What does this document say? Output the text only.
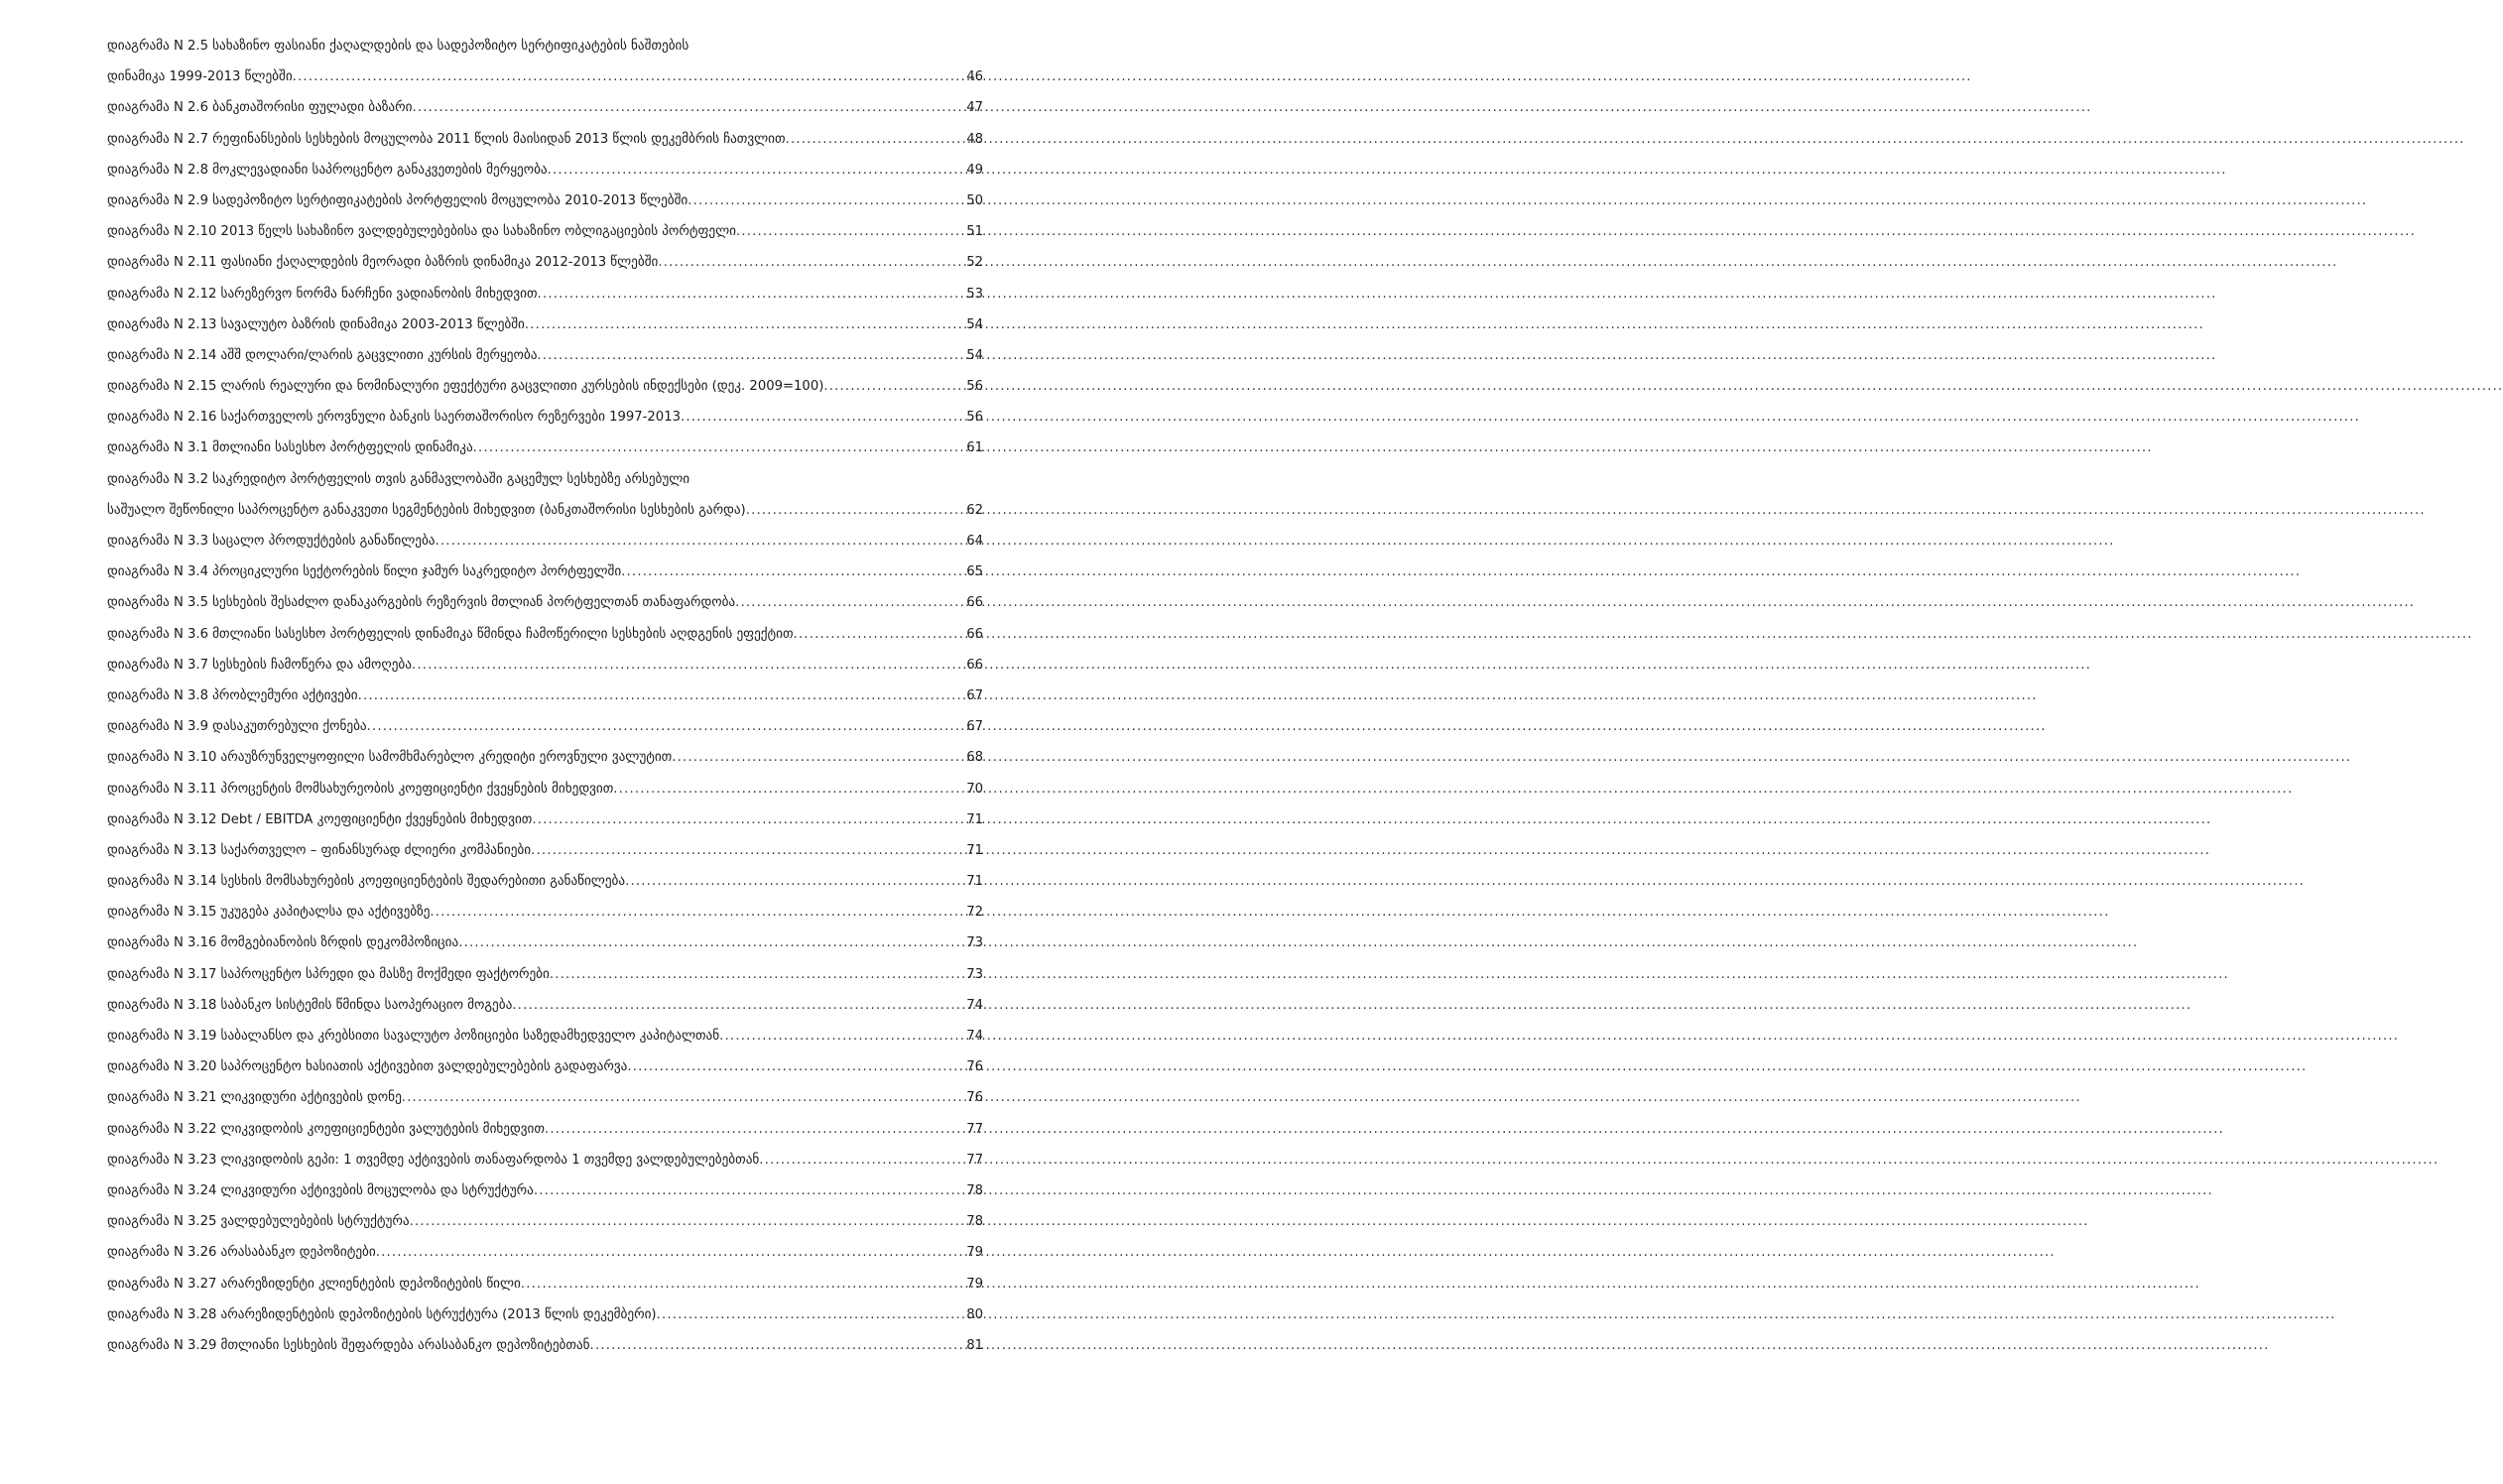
დიაგრამა N 2.5 სახაზინო ფასიანი ქაღალდების და სადეპოზიტო სერტიფიკატების ნაშთების
დინამიკა 1999-2013 წლებში .....	46
დიაგრამა N 2.6 ბანკთაშორისი ფულადი ბაზარი .....	47
დიაგრამა N 2.7 რეფინანსების სესხების მოცულობა 2011 წლის მაისიდან 2013 წლის დეკემბრის ჩათვლით .....	48
დიაგრამა N 2.8 მოკლევადიანი საპროცენტო განაკვეთების მერყეობა .....	49
დიაგრამა N 2.9 სადეპოზიტო სერტიფიკატების პორტფელის მოცულობა 2010-2013 წლებში .....	50
დიაგრამა N 2.10 2013 წელს სახაზინო ვალდებულებებისა და სახაზინო ობლიგაციების პორტფელი .....	51
დიაგრამა N 2.11 ფასიანი ქაღალდების მეორადი ბაზრის დინამიკა 2012-2013 წლებში .....	52
დიაგრამა N 2.12 სარეზერვო ნორმა ნარჩენი ვადიანობის მიხედვით .....	53
დიაგრამა N 2.13 სავალუტო ბაზრის დინამიკა 2003-2013 წლებში .....	54
დიაგრამა N 2.14 აშშ დოლარი/ლარის გაცვლითი კურსის მერყეობა .....	54
დიაგრამა N 2.15 ლარის რეალური და ნომინალური ეფექტური გაცვლითი კურსების ინდექსები (დეკ. 2009=100) .....	56
დიაგრამა N 2.16 საქართველოს ეროვნული ბანკის საერთაშორისო რეზერვები 1997-2013 .....	56
დიაგრამა N 3.1 მთლიანი სასესხო პორტფელის დინამიკა .....	61
დიაგრამა N 3.2 საკრედიტო პორტფელის თვის განმავლობაში გაცემულ სესხებზე არსებული
საშუალო შეწონილი საპროცენტო განაკვეთი სეგმენტების მიხედვით (ბანკთაშორისი სესხების გარდა) .....	62
დიაგრამა N 3.3 საცალო პროდუქტების განაწილება .....	64
დიაგრამა N 3.4 პროციკლური სექტორების წილი ჯამურ საკრედიტო პორტფელში .....	65
დიაგრამა N 3.5 სესხების შესაძლო დანაკარგების რეზერვის მთლიან პორტფელთან თანაფარდობა .....	66
დიაგრამა N 3.6 მთლიანი სასესხო პორტფელის დინამიკა წმინდა ჩამოწერილი სესხების აღდგენის ეფექტით .....	66
დიაგრამა N 3.7 სესხების ჩამოწერა და ამოღება .....	66
დიაგრამა N 3.8 პრობლემური აქტივები .....	67
დიაგრამა N 3.9 დასაკუთრებული ქონება .....	67
დიაგრამა N 3.10 არაუზრუნველყოფილი სამომხმარებლო კრედიტი ეროვნული ვალუტით .....	68
დიაგრამა N 3.11 პროცენტის მომსახურეობის კოეფიციენტი ქვეყნების მიხედვით .....	70
დიაგრამა N 3.12 Debt / EBITDA კოეფიციენტი ქვეყნების მიხედვით .....	71
დიაგრამა N 3.13 საქართველო – ფინანსურად ძლიერი კომპანიები .....	71
დიაგრამა N 3.14 სესხის მომსახურების კოეფიციენტების შედარებითი განაწილება .....	71
დიაგრამა N 3.15 უკუგება კაპიტალსა და აქტივებზე .....	72
დიაგრამა N 3.16 მომგებიანობის ზრდის დეკომპოზიცია .....	73
დიაგრამა N 3.17 საპროცენტო სპრედი და მასზე მოქმედი ფაქტორები .....	73
დიაგრამა N 3.18 საბანკო სისტემის წმინდა საოპერაციო მოგება .....	74
დიაგრამა N 3.19 საბალანსო და კრებსითი სავალუტო პოზიციები საზედამხედველო კაპიტალთან .....	74
დიაგრამა N 3.20 საპროცენტო ხასიათის აქტივებით ვალდებულებების გადაფარვა .....	76
დიაგრამა N 3.21 ლიკვიდური აქტივების დონე .....	76
დიაგრამა N 3.22 ლიკვიდობის კოეფიციენტები ვალუტების მიხედვით .....	77
დიაგრამა N 3.23 ლიკვიდობის გეპი: 1 თვემდე აქტივების თანაფარდობა 1 თვემდე ვალდებულებებთან .....	77
დიაგრამა N 3.24 ლიკვიდური აქტივების მოცულობა და სტრუქტურა .....	78
დიაგრამა N 3.25 ვალდებულებების სტრუქტურა .....	78
დიაგრამა N 3.26 არასაბანკო დეპოზიტები .....	79
დიაგრამა N 3.27 არარეზიდენტი კლიენტების დეპოზიტების წილი .....	79
დიაგრამა N 3.28 არარეზიდენტების დეპოზიტების სტრუქტურა (2013 წლის დეკემბერი) .....	80
დიაგრამა N 3.29 მთლიანი სესხების შეფარდება არასაბანკო დეპოზიტებთან .....	81
